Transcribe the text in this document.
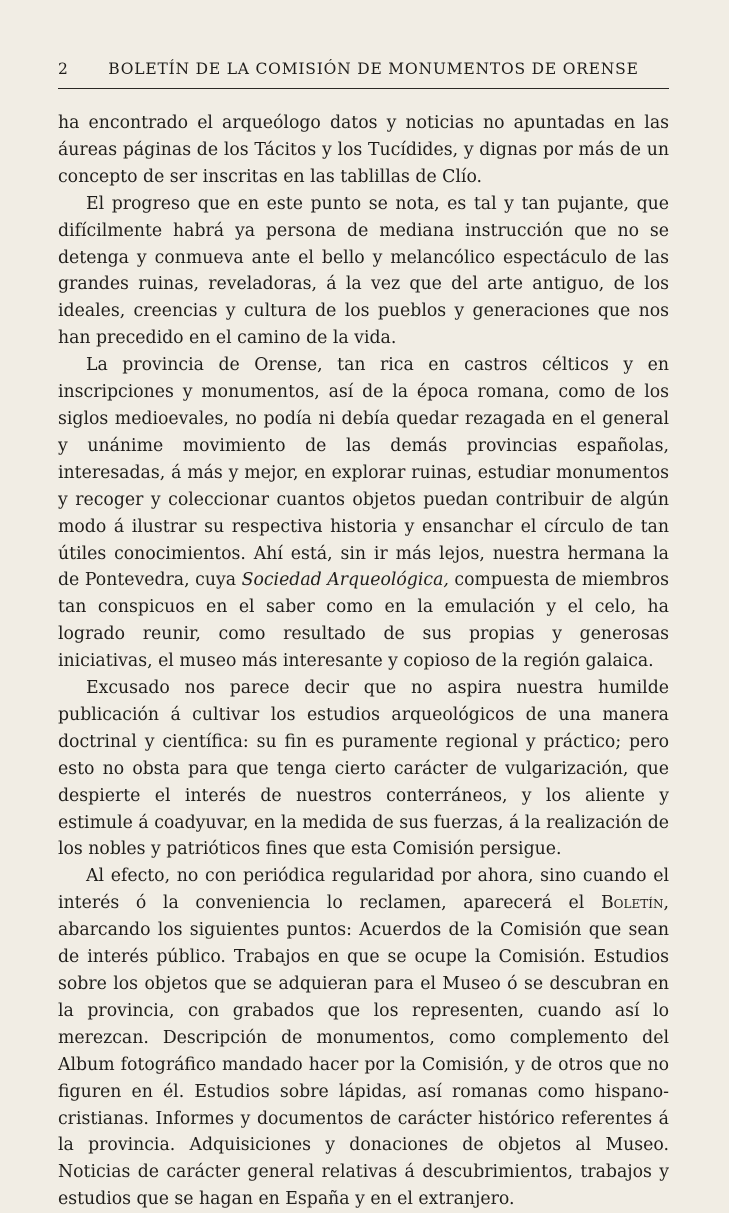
2	BOLETÍN DE LA COMISIÓN DE MONUMENTOS DE ORENSE

ha encontrado el arqueólogo datos y noticias no apuntadas en las áureas páginas de los Tácitos y los Tucídides, y dignas por más de un concepto de ser inscritas en las tablillas de Clío.

El progreso que en este punto se nota, es tal y tan pujante, que difícilmente habrá ya persona de mediana instrucción que no se detenga y conmueva ante el bello y melancólico espectáculo de las grandes ruinas, reveladoras, á la vez que del arte antiguo, de los ideales, creencias y cultura de los pueblos y generaciones que nos han precedido en el camino de la vida.

La provincia de Orense, tan rica en castros célticos y en inscripciones y monumentos, así de la época romana, como de los siglos medioevales, no podía ni debía quedar rezagada en el general y unánime movimiento de las demás provincias españolas, interesadas, á más y mejor, en explorar ruinas, estudiar monumentos y recoger y coleccionar cuantos objetos puedan contribuir de algún modo á ilustrar su respectiva historia y ensanchar el círculo de tan útiles conocimientos. Ahí está, sin ir más lejos, nuestra hermana la de Pontevedra, cuya Sociedad Arqueológica, compuesta de miembros tan conspicuos en el saber como en la emulación y el celo, ha logrado reunir, como resultado de sus propias y generosas iniciativas, el museo más interesante y copioso de la región galaica.

Excusado nos parece decir que no aspira nuestra humilde publicación á cultivar los estudios arqueológicos de una manera doctrinal y científica: su fin es puramente regional y práctico; pero esto no obsta para que tenga cierto carácter de vulgarización, que despierte el interés de nuestros conterráneos, y los aliente y estimule á coadyuvar, en la medida de sus fuerzas, á la realización de los nobles y patrióticos fines que esta Comisión persigue.

Al efecto, no con periódica regularidad por ahora, sino cuando el interés ó la conveniencia lo reclamen, aparecerá el Boletín, abarcando los siguientes puntos: Acuerdos de la Comisión que sean de interés público. Trabajos en que se ocupe la Comisión. Estudios sobre los objetos que se adquieran para el Museo ó se descubran en la provincia, con grabados que los representen, cuando así lo merezcan. Descripción de monumentos, como complemento del Album fotográfico mandado hacer por la Comisión, y de otros que no figuren en él. Estudios sobre lápidas, así romanas como hispano-cristianas. Informes y documentos de carácter histórico referentes á la provincia. Adquisiciones y donaciones de objetos al Museo. Noticias de carácter general relativas á descubrimientos, trabajos y estudios que se hagan en España y en el extranjero.
